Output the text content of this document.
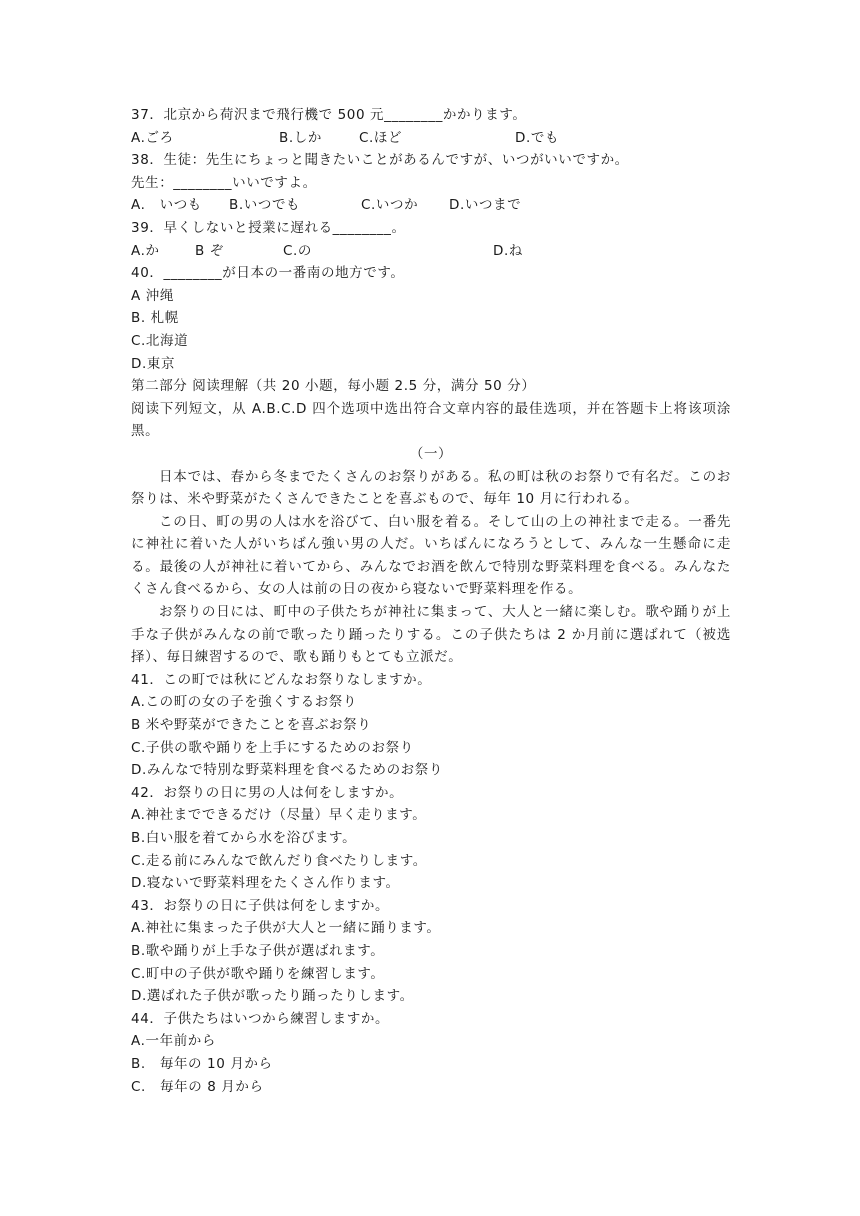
37．北京から荷沢まで飛行機で 500 元________かかります。
A.ごろ	B.しか	C.ほど	D.でも
38．生徒：先生にちょっと聞きたいことがあるんですが、いつがいいですか。
先生：________いいですよ。
A.　いつも B.いつでも	C.いつか D.いつまで
39．早くしないと授業に遅れる________。
A.か	B ぞ	C.の	D.ね
40．________が日本の一番南の地方です。
A 沖绳
B. 札幌
C.北海道
D.東京
第二部分 阅读理解（共 20 小题，每小题 2.5 分，满分 50 分）
阅读下列短文，从 A.B.C.D 四个选项中选出符合文章内容的最佳选项，并在答题卡上将该项涂黑。
（一）
日本では、春から冬までたくさんのお祭りがある。私の町は秋のお祭りで有名だ。このお祭りは、米や野菜がたくさんできたことを喜ぶもので、毎年 10 月に行われる。
この日、町の男の人は水を浴びて、白い服を着る。そして山の上の神社まで走る。一番先に神社に着いた人がいちばん強い男の人だ。いちばんになろうとして、みんな一生懸命に走る。最後の人が神社に着いてから、みんなでお酒を飲んで特別な野菜料理を食べる。みんなたくさん食べるから、女の人は前の日の夜から寝ないで野菜料理を作る。
お祭りの日には、町中の子供たちが神社に集まって、大人と一緒に楽しむ。歌や踊りが上手な子供がみんなの前で歌ったり踊ったりする。この子供たちは 2 か月前に選ばれて（被选择）、毎日練習するので、歌も踊りもとても立派だ。
41．この町では秋にどんなお祭りなしますか。
A.この町の女の子を強くするお祭り
B 米や野菜ができたことを喜ぶお祭り
C.子供の歌や踊りを上手にするためのお祭り
D.みんなで特別な野菜料理を食べるためのお祭り
42．お祭りの日に男の人は何をしますか。
A.神社までできるだけ（尽量）早く走ります。
B.白い服を着てから水を浴びます。
C.走る前にみんなで飲んだり食べたりします。
D.寝ないで野菜料理をたくさん作ります。
43．お祭りの日に子供は何をしますか。
A.神社に集まった子供が大人と一緒に踊ります。
B.歌や踊りが上手な子供が選ばれます。
C.町中の子供が歌や踊りを練習します。
D.選ばれた子供が歌ったり踊ったりします。
44．子供たちはいつから練習しますか。
A.一年前から
B.　毎年の 10 月から
C.　毎年の 8 月から
